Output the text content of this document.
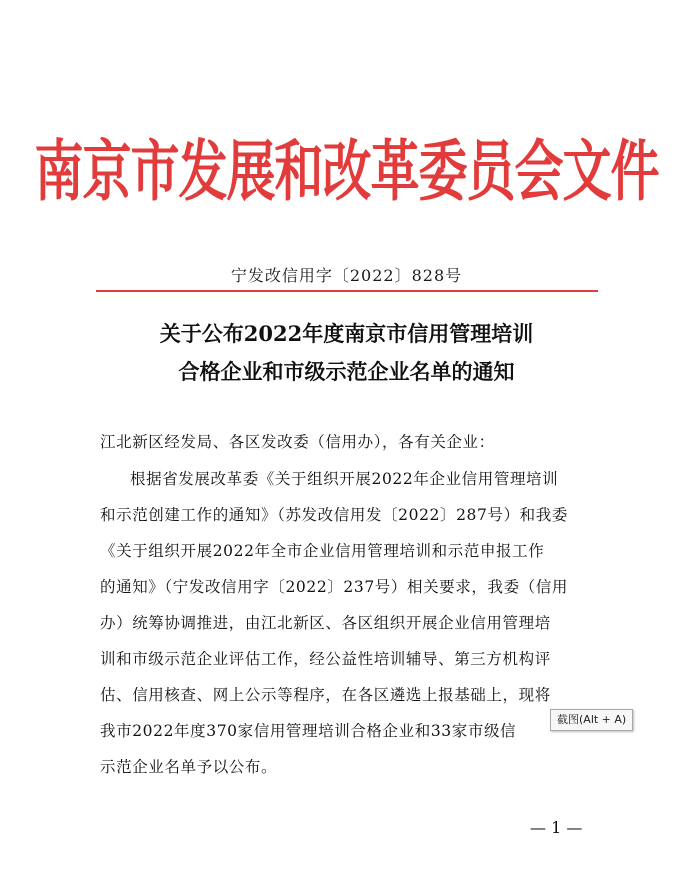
南京市发展和改革委员会文件
宁发改信用字〔2022〕828号
关于公布2022年度南京市信用管理培训
合格企业和市级示范企业名单的通知
江北新区经发局、各区发改委（信用办），各有关企业：
根据省发展改革委《关于组织开展2022年企业信用管理培训
和示范创建工作的通知》（苏发改信用发〔2022〕287号）和我委
《关于组织开展2022年全市企业信用管理培训和示范申报工作
的通知》（宁发改信用字〔2022〕237号）相关要求，我委（信用
办）统筹协调推进，由江北新区、各区组织开展企业信用管理培
训和市级示范企业评估工作，经公益性培训辅导、第三方机构评
估、信用核查、网上公示等程序，在各区遴选上报基础上，现将
我市2022年度370家信用管理培训合格企业和33家市级信
示范企业名单予以公布。
截图(Alt + A)
— 1 —
